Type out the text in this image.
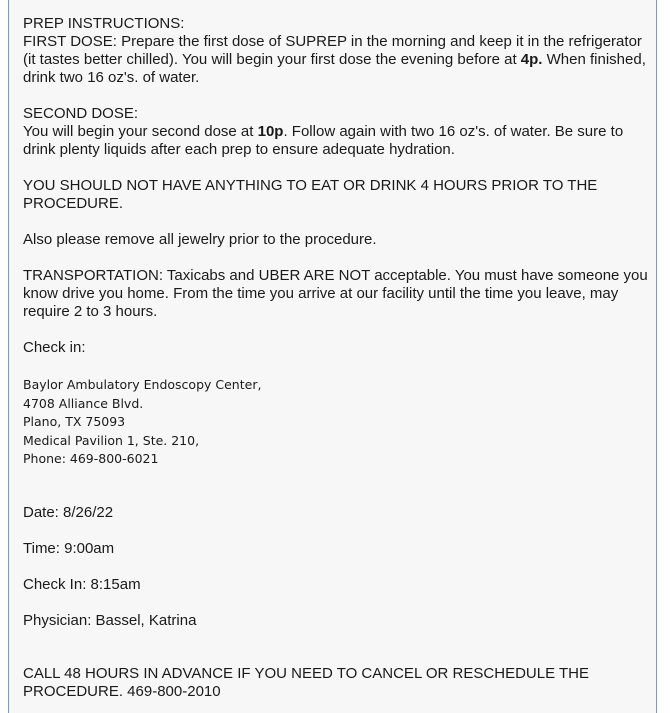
PREP INSTRUCTIONS:

FIRST DOSE: Prepare the first dose of SUPREP in the morning and keep it in the refrigerator (it tastes better chilled). You will begin your first dose the evening before at 4p. When finished, drink two 16 oz's. of water.

SECOND DOSE:

You will begin your second dose at 10p. Follow again with two 16 oz's. of water. Be sure to drink plenty liquids after each prep to ensure adequate hydration.

YOU SHOULD NOT HAVE ANYTHING TO EAT OR DRINK 4 HOURS PRIOR TO THE PROCEDURE.

Also please remove all jewelry prior to the procedure.

TRANSPORTATION: Taxicabs and UBER ARE NOT acceptable. You must have someone you know drive you home. From the time you arrive at our facility until the time you leave, may require 2 to 3 hours.

Check in:

Baylor Ambulatory Endoscopy Center,
4708 Alliance Blvd.
Plano, TX 75093
Medical Pavilion 1, Ste. 210,
Phone: 469-800-6021

Date: 8/26/22

Time: 9:00am

Check In: 8:15am

Physician: Bassel, Katrina

CALL 48 HOURS IN ADVANCE IF YOU NEED TO CANCEL OR RESCHEDULE THE PROCEDURE. 469-800-2010
